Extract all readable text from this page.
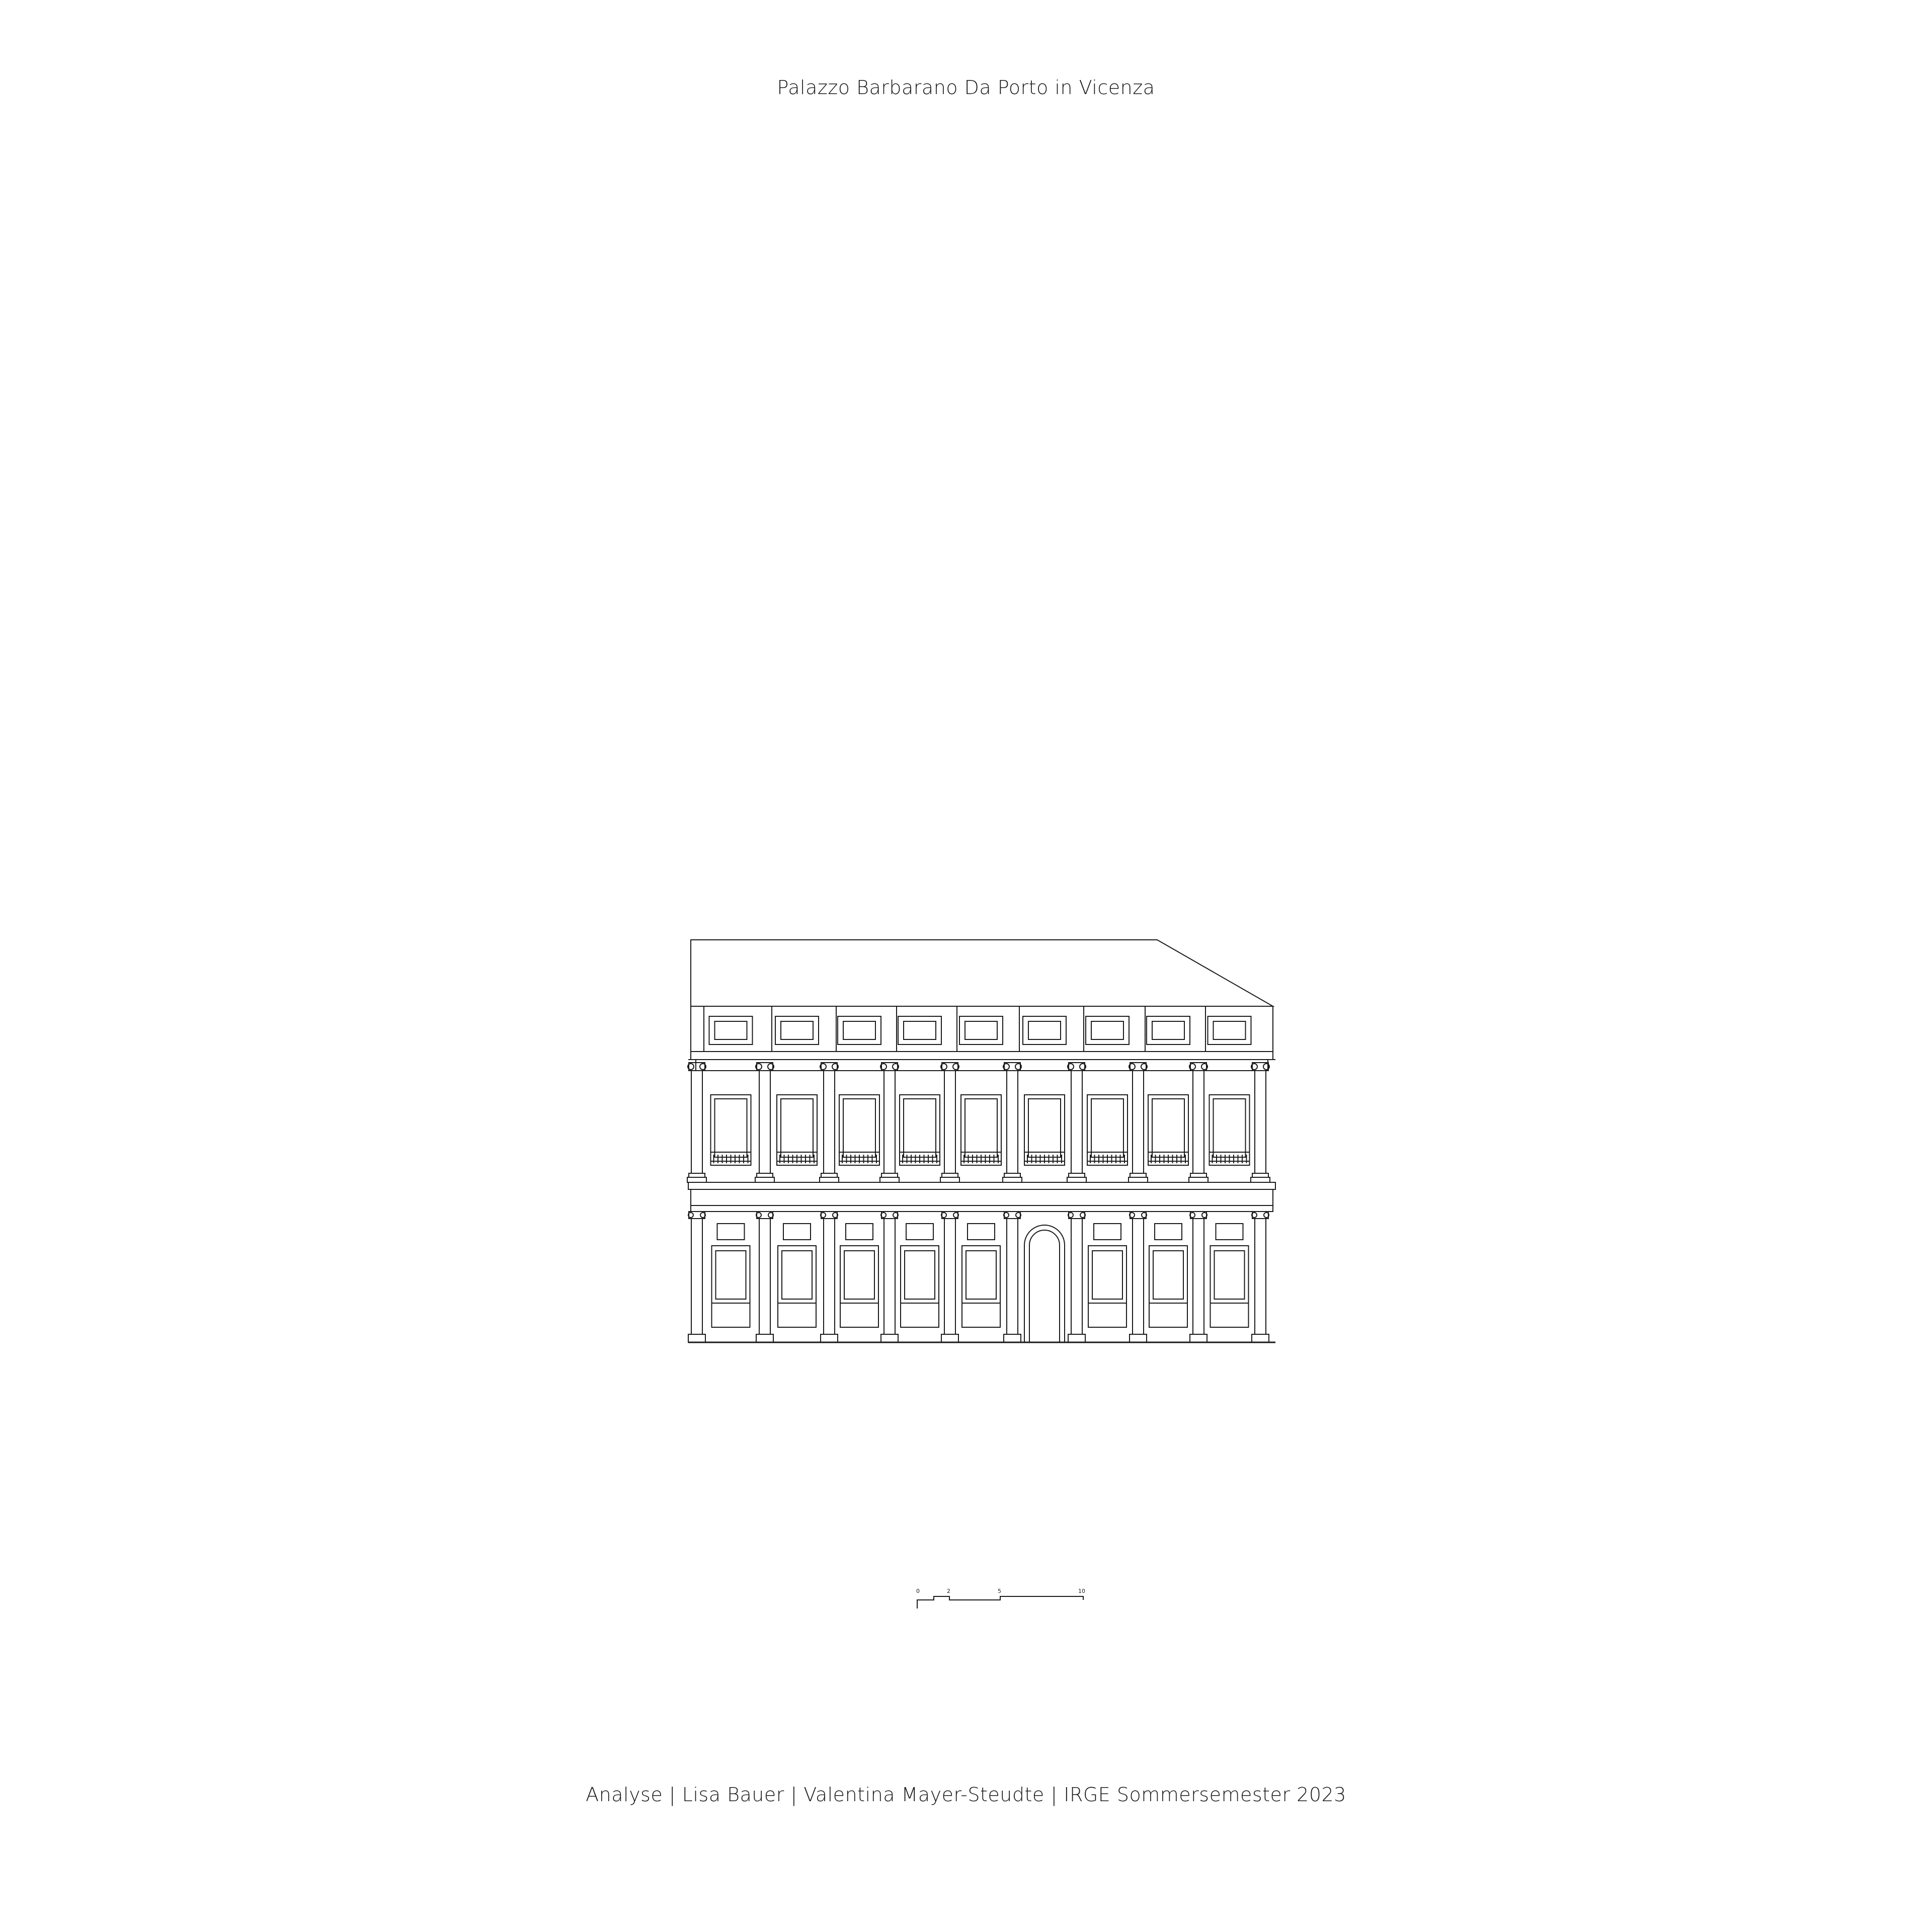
Palazzo Barbarano Da Porto in Vicenza
0	2	5	10
Analyse | Lisa Bauer | Valentina Mayer-Steudte | IRGE Sommersemester 2023
